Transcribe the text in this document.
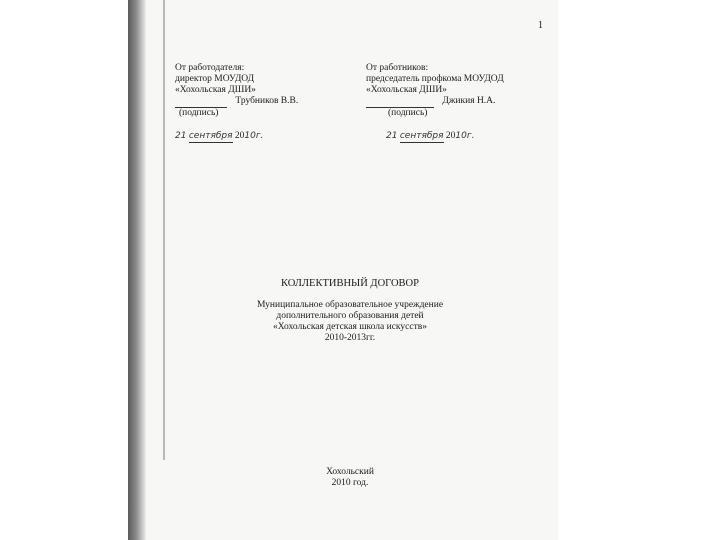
1
От работодателя:
директор МОУДОД
«Хохольская ДШИ»
Трубников В.В.
(подпись)
21 сентября 2010г.
От работников:
председатель профкома МОУДОД
«Хохольская ДШИ»
Джикия Н.А.
(подпись)
21 сентября 2010г.
КОЛЛЕКТИВНЫЙ ДОГОВОР
Муниципальное образовательное учреждение
дополнительного образования детей
«Хохольская детская школа искусств»
2010-2013гг.
Хохольский
2010 год.
